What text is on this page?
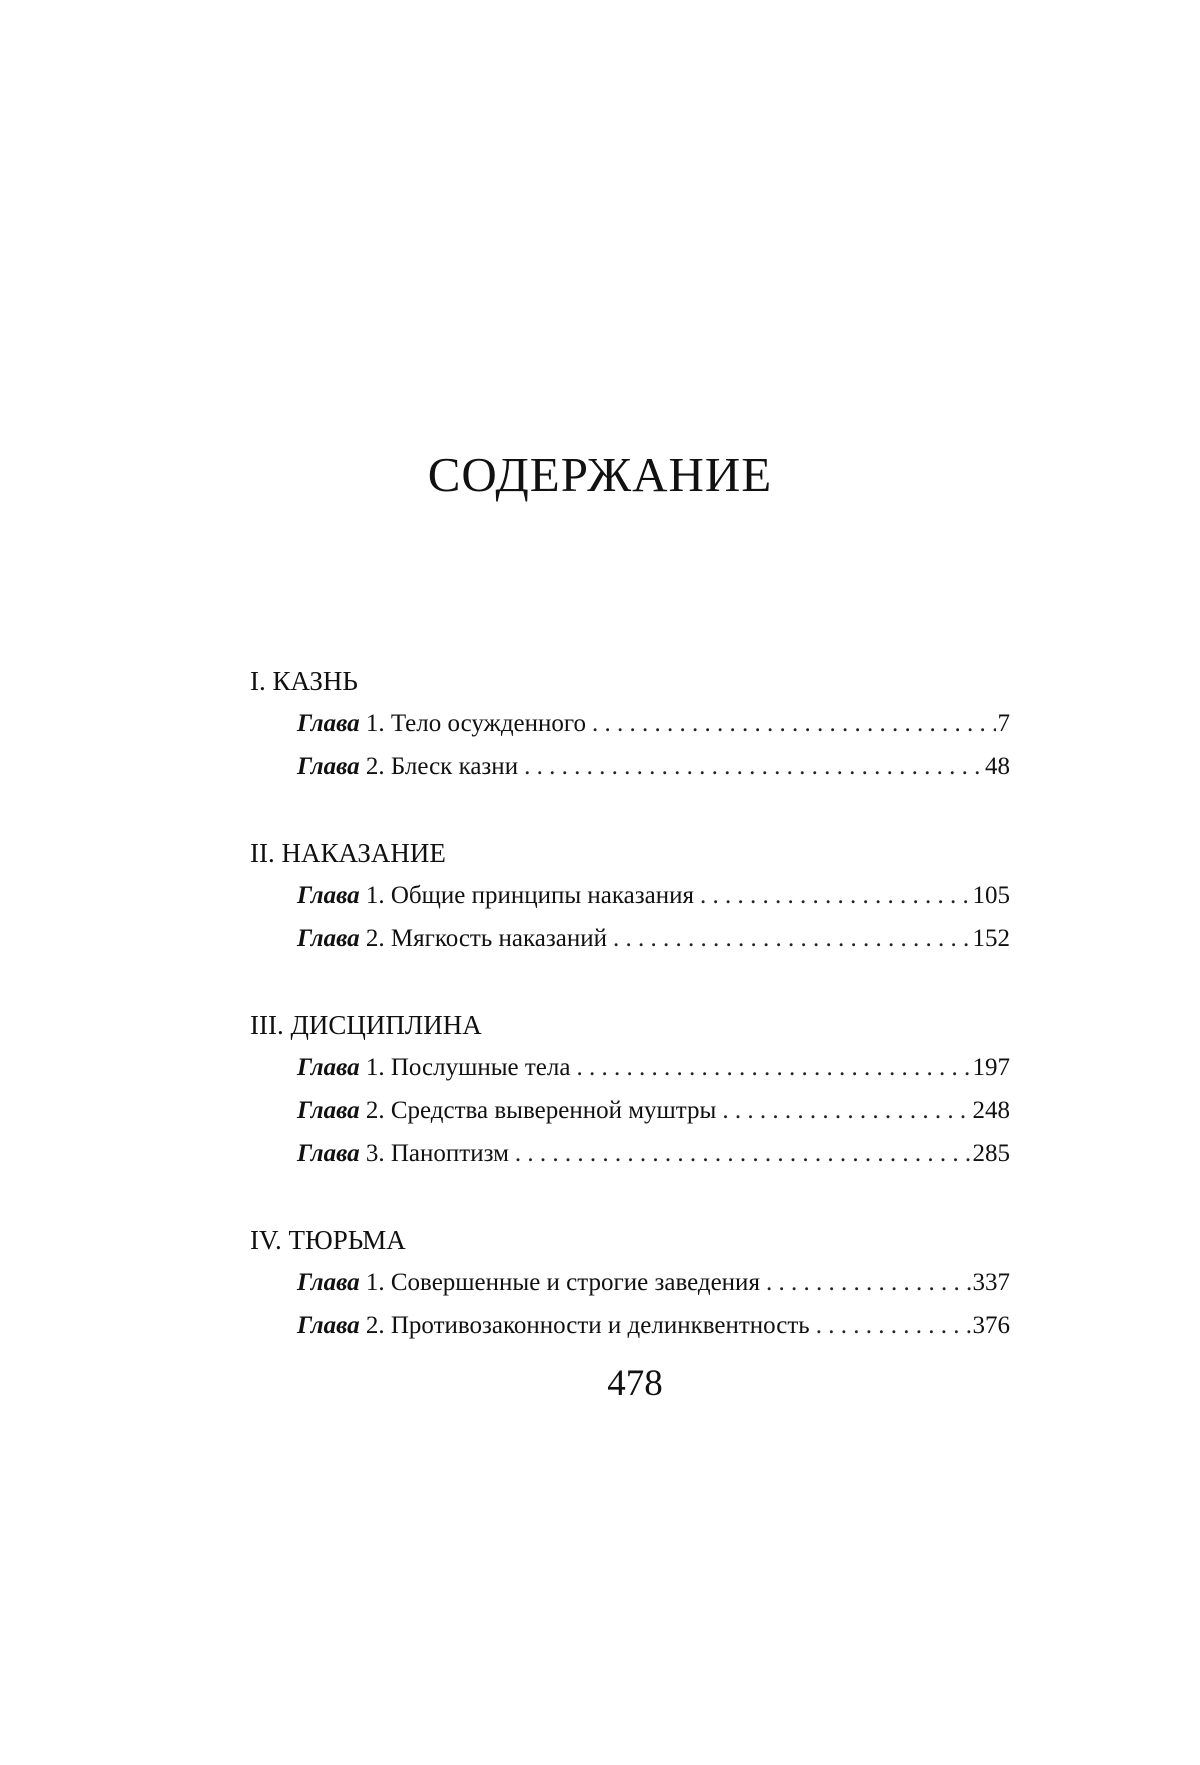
СОДЕРЖАНИЕ
I. КАЗНЬ
Глава 1. Тело осужденного . . .	7
Глава 2. Блеск казни . . .	48
II. НАКАЗАНИЕ
Глава 1. Общие принципы наказания . . .	105
Глава 2. Мягкость наказаний . . .	152
III. ДИСЦИПЛИНА
Глава 1. Послушные тела . . .	197
Глава 2. Средства выверенной муштры . . .	248
Глава 3. Паноптизм . . .	285
IV. ТЮРЬМА
Глава 1. Совершенные и строгие заведения . . .	337
Глава 2. Противозаконности и делинквентность . . .	376

478
